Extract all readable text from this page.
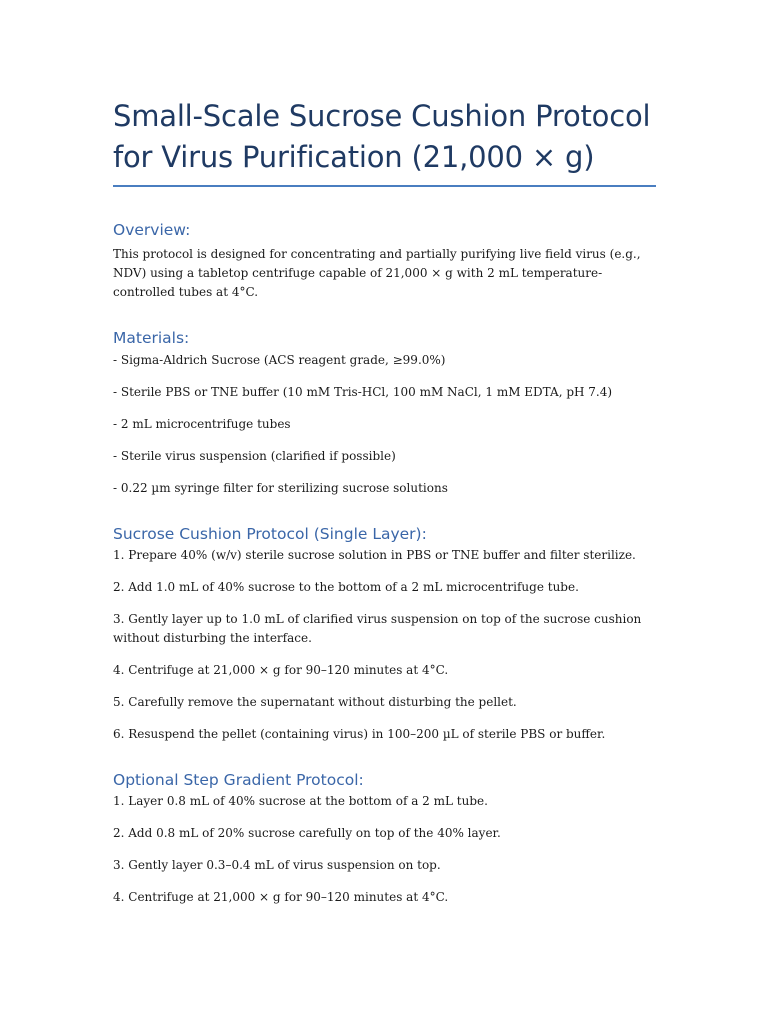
Small-Scale Sucrose Cushion Protocol
for Virus Purification (21,000 × g)
Overview:

This protocol is designed for concentrating and partially purifying live field virus (e.g., NDV) using a tabletop centrifuge capable of 21,000 × g with 2 mL temperature-controlled tubes at 4°C.

Materials:

- Sigma-Aldrich Sucrose (ACS reagent grade, ≥99.0%)

- Sterile PBS or TNE buffer (10 mM Tris-HCl, 100 mM NaCl, 1 mM EDTA, pH 7.4)

- 2 mL microcentrifuge tubes

- Sterile virus suspension (clarified if possible)

- 0.22 µm syringe filter for sterilizing sucrose solutions

Sucrose Cushion Protocol (Single Layer):

1. Prepare 40% (w/v) sterile sucrose solution in PBS or TNE buffer and filter sterilize.

2. Add 1.0 mL of 40% sucrose to the bottom of a 2 mL microcentrifuge tube.

3. Gently layer up to 1.0 mL of clarified virus suspension on top of the sucrose cushion without disturbing the interface.

4. Centrifuge at 21,000 × g for 90–120 minutes at 4°C.

5. Carefully remove the supernatant without disturbing the pellet.

6. Resuspend the pellet (containing virus) in 100–200 µL of sterile PBS or buffer.

Optional Step Gradient Protocol:

1. Layer 0.8 mL of 40% sucrose at the bottom of a 2 mL tube.

2. Add 0.8 mL of 20% sucrose carefully on top of the 40% layer.

3. Gently layer 0.3–0.4 mL of virus suspension on top.

4. Centrifuge at 21,000 × g for 90–120 minutes at 4°C.
